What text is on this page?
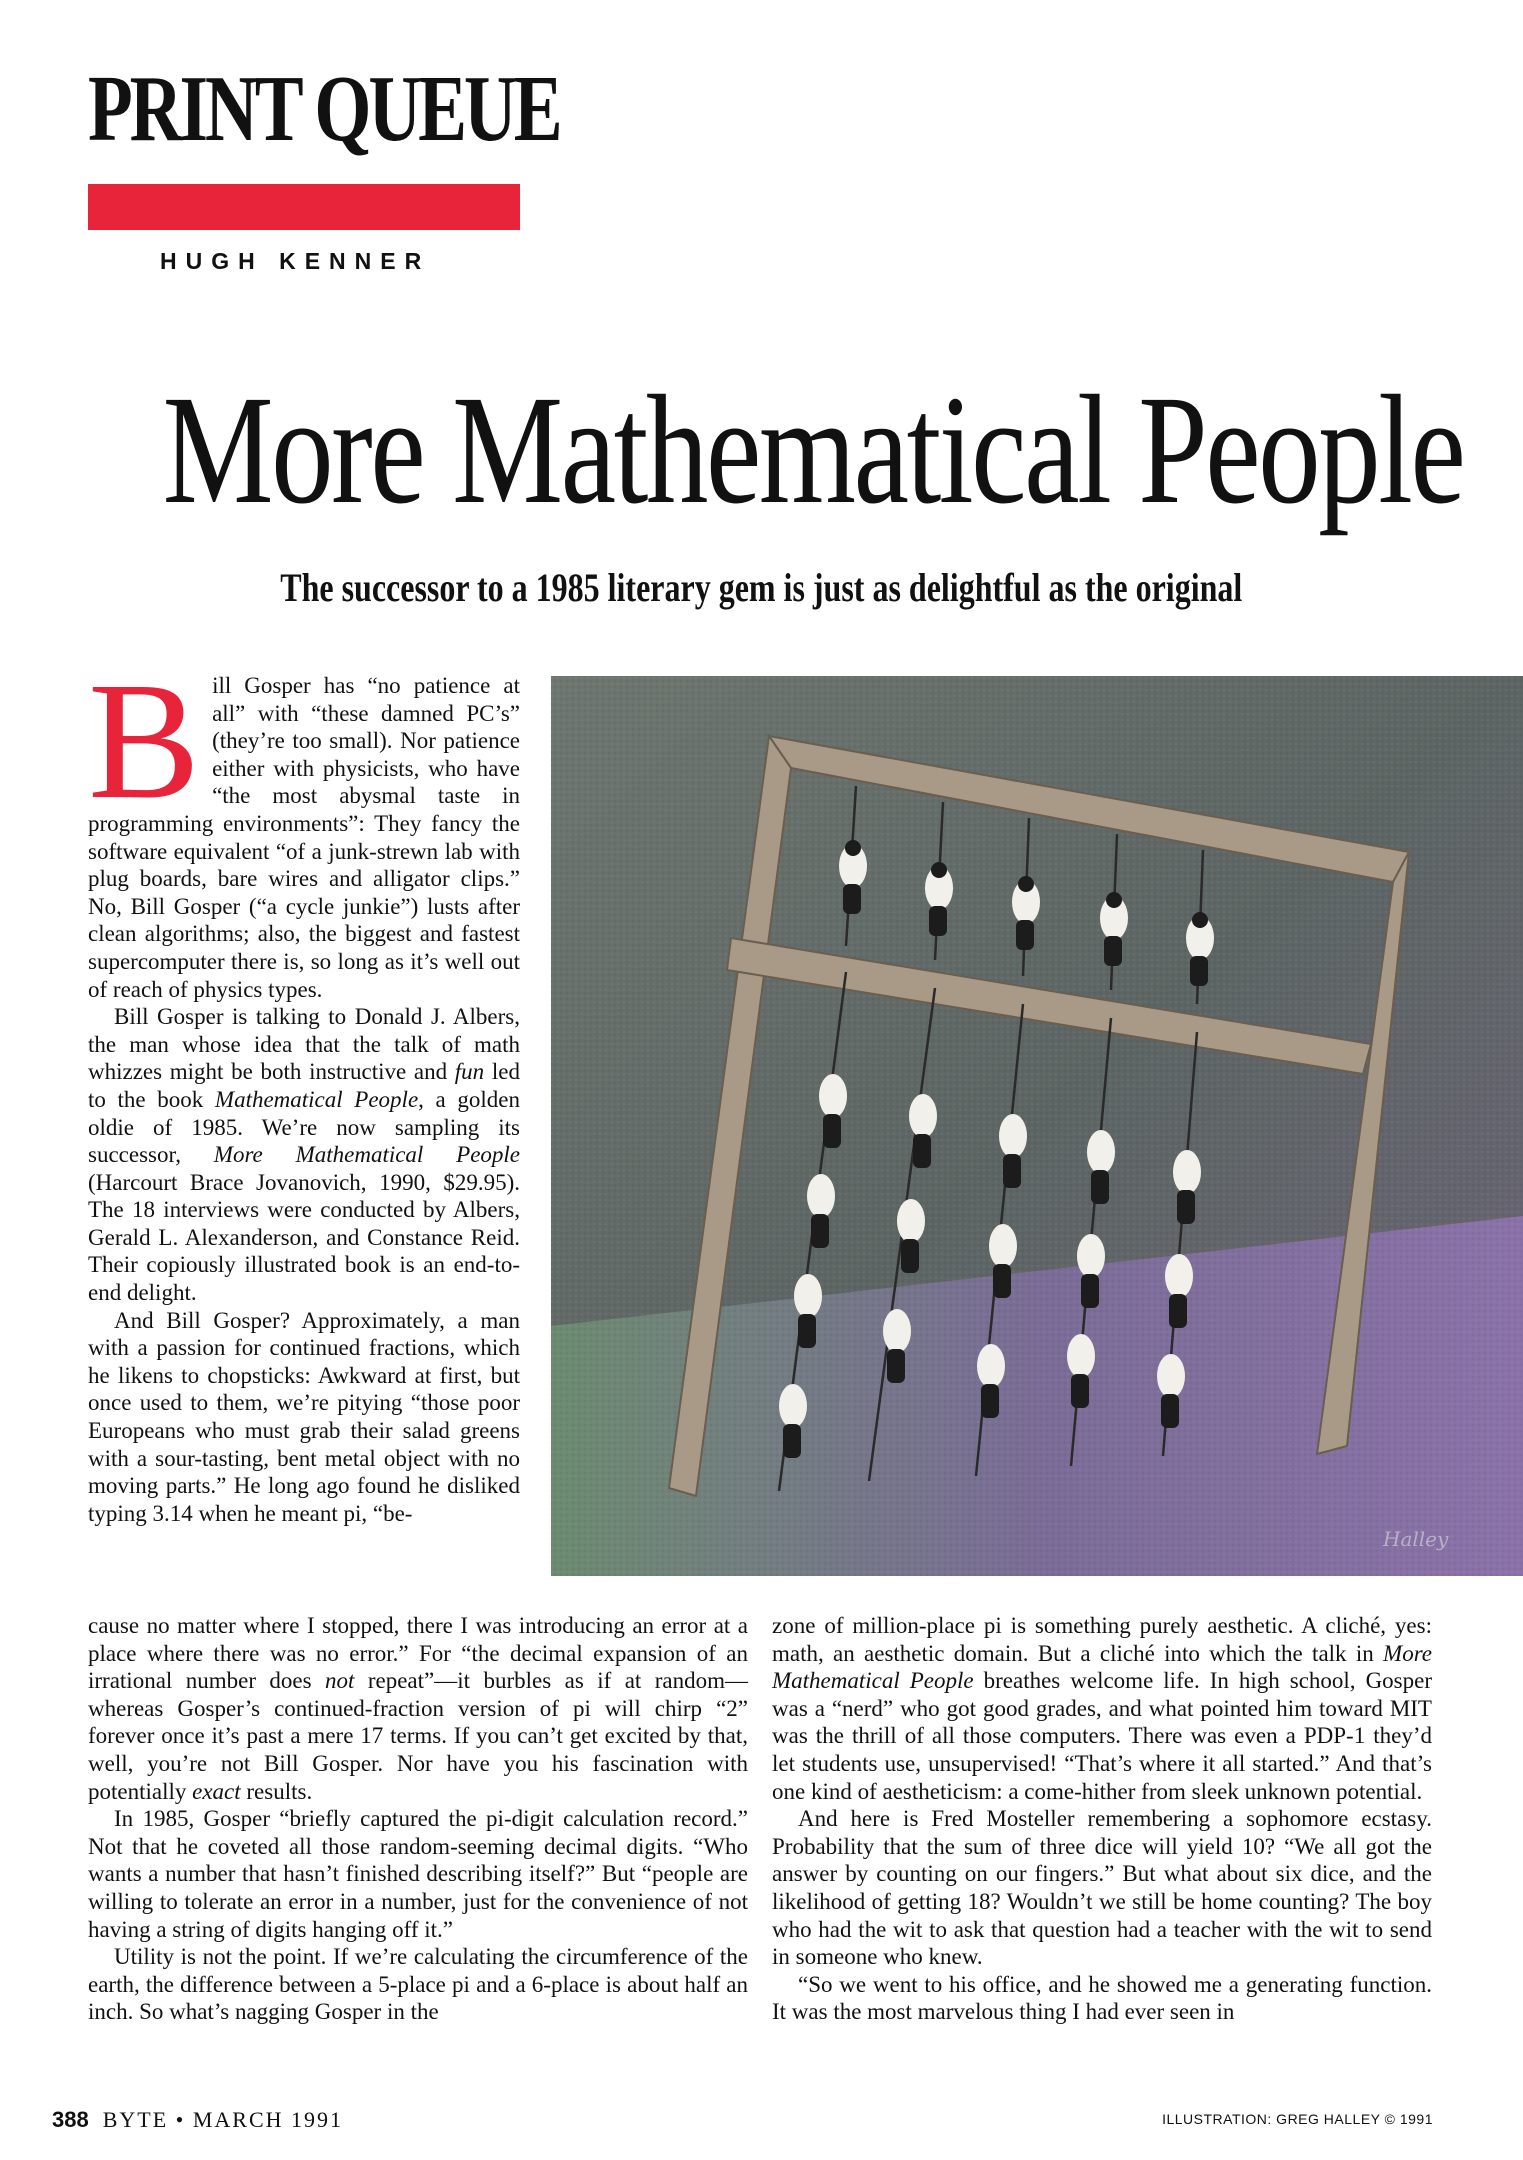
PRINT QUEUE
HUGH KENNER
More Mathematical People
The successor to a 1985 literary gem is just as delightful as the original
Halley

Bill Gosper has “no patience at all” with “these damned PC’s” (they’re too small). Nor patience either with physicists, who have “the most abysmal taste in programming environments”: They fancy the software equivalent “of a junk-strewn lab with plug boards, bare wires and alligator clips.” No, Bill Gosper (“a cycle junkie”) lusts after clean algorithms; also, the biggest and fastest supercomputer there is, so long as it’s well out of reach of physics types.

Bill Gosper is talking to Donald J. Albers, the man whose idea that the talk of math whizzes might be both instructive and fun led to the book Mathematical People, a golden oldie of 1985. We’re now sampling its successor, More Mathematical People (Harcourt Brace Jovanovich, 1990, $29.95). The 18 interviews were conducted by Albers, Gerald L. Alexanderson, and Constance Reid. Their copiously illustrated book is an end-to-end delight.

And Bill Gosper? Approximately, a man with a passion for continued fractions, which he likens to chopsticks: Awkward at first, but once used to them, we’re pitying “those poor Europeans who must grab their salad greens with a sour-tasting, bent metal object with no moving parts.” He long ago found he disliked typing 3.14 when he meant pi, “be-

cause no matter where I stopped, there I was introducing an error at a place where there was no error.” For “the decimal expansion of an irrational number does not repeat”—it burbles as if at random—whereas Gosper’s continued-fraction version of pi will chirp “2” forever once it’s past a mere 17 terms. If you can’t get excited by that, well, you’re not Bill Gosper. Nor have you his fascination with potentially exact results.

In 1985, Gosper “briefly captured the pi-digit calculation record.” Not that he coveted all those random-seeming decimal digits. “Who wants a number that hasn’t finished describing itself?” But “people are willing to tolerate an error in a number, just for the convenience of not having a string of digits hanging off it.”

Utility is not the point. If we’re calculating the circumference of the earth, the difference between a 5-place pi and a 6-place is about half an inch. So what’s nagging Gosper in the

zone of million-place pi is something purely aesthetic. A cliché, yes: math, an aesthetic domain. But a cliché into which the talk in More Mathematical People breathes welcome life. In high school, Gosper was a “nerd” who got good grades, and what pointed him toward MIT was the thrill of all those computers. There was even a PDP-1 they’d let students use, unsupervised! “That’s where it all started.” And that’s one kind of aestheticism: a come-hither from sleek unknown potential.

And here is Fred Mosteller remembering a sophomore ecstasy. Probability that the sum of three dice will yield 10? “We all got the answer by counting on our fingers.” But what about six dice, and the likelihood of getting 18? Wouldn’t we still be home counting? The boy who had the wit to ask that question had a teacher with the wit to send in someone who knew.

“So we went to his office, and he showed me a generating function. It was the most marvelous thing I had ever seen in

388 BYTE • MARCH 1991	ILLUSTRATION: GREG HALLEY © 1991
